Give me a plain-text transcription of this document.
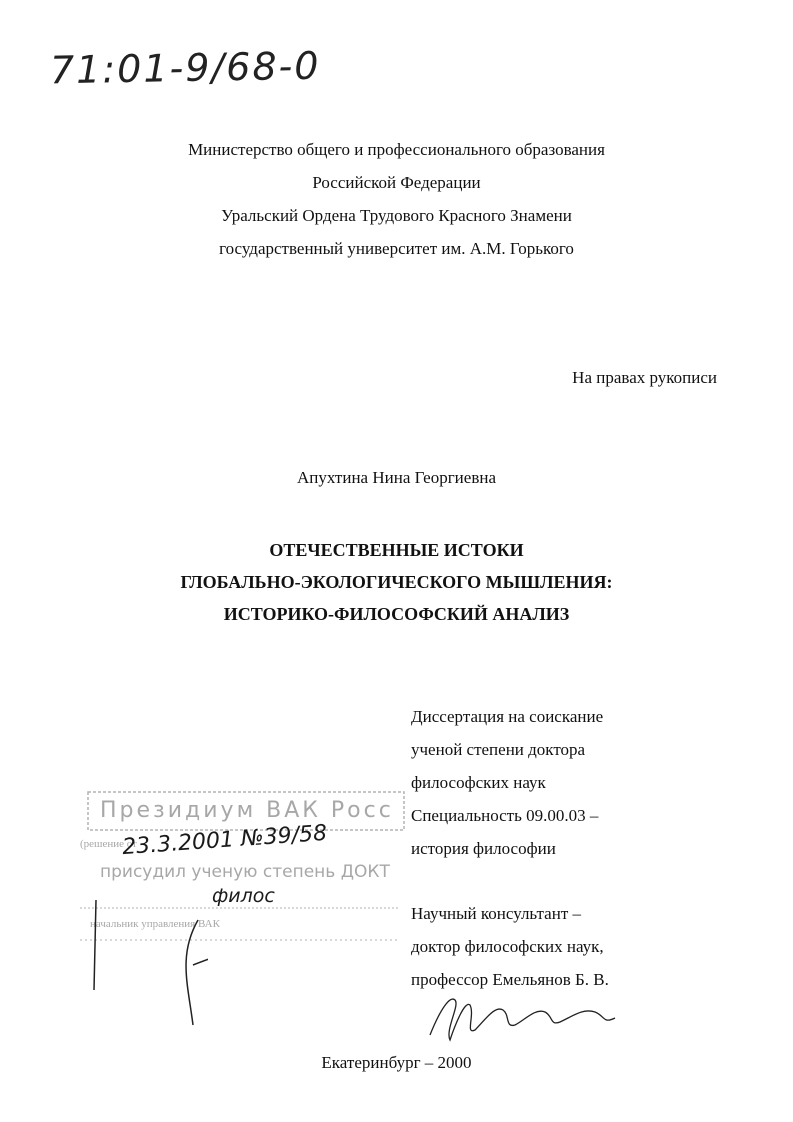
71:01-9/68-0
Министерство общего и профессионального образования
Российской Федерации
Уральский Ордена Трудового Красного Знамени
государственный университет им. А.М. Горького
На правах рукописи
Апухтина Нина Георгиевна
ОТЕЧЕСТВЕННЫЕ ИСТОКИ
ГЛОБАЛЬНО-ЭКОЛОГИЧЕСКОГО МЫШЛЕНИЯ:
ИСТОРИКО-ФИЛОСОФСКИЙ АНАЛИЗ
Президиум ВАК Росс
(решение от
присудил ученую степень ДОКТ
начальник управления ВАК
23.3.2001 №39/58
филос
Диссертация на соискание
ученой степени доктора
философских наук
Специальность 09.00.03 –
история философии
Научный консультант –
доктор философских наук,
профессор Емельянов Б. В.
Екатеринбург – 2000
